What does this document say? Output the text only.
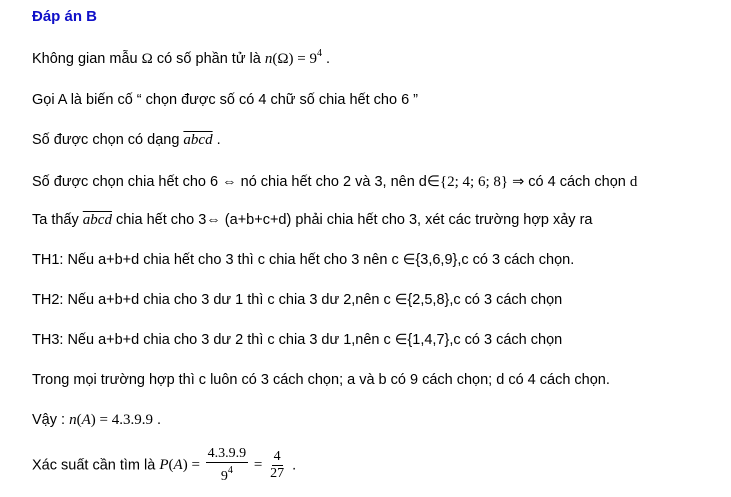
Đáp án B
Không gian mẫu Ω có số phần tử là $n(\Omega) = 9^4$ .
Gọi A là biến cố “ chọn được số có 4 chữ số chia hết cho 6 ”
Số được chọn có dạng abcd .
Số được chọn chia hết cho 6 ⇔ nó chia hết cho 2 và 3, nên d∈{2; 4; 6; 8} ⇒ có 4 cách chọn d
Ta thấy abcd chia hết cho 3⇔ (a+b+c+d) phải chia hết cho 3, xét các trường hợp xảy ra
TH1: Nếu a+b+d chia hết cho 3 thì c chia hết cho 3 nên c ∈{3,6,9},c có 3 cách chọn.
TH2: Nếu a+b+d chia cho 3 dư 1 thì c chia 3 dư 2,nên c ∈{2,5,8},c có 3 cách chọn
TH3: Nếu a+b+d chia cho 3 dư 2 thì c chia 3 dư 1,nên c ∈{1,4,7},c có 3 cách chọn
Trong mọi trường hợp thì c luôn có 3 cách chọn; a và b có 9 cách chọn; d có 4 cách chọn.
Vậy : n(A) = 4.3.9.9 .
Xác suất cần tìm là $P(A) = \frac{4.3.9.9}{9^4} = \frac{4}{27}$ .
